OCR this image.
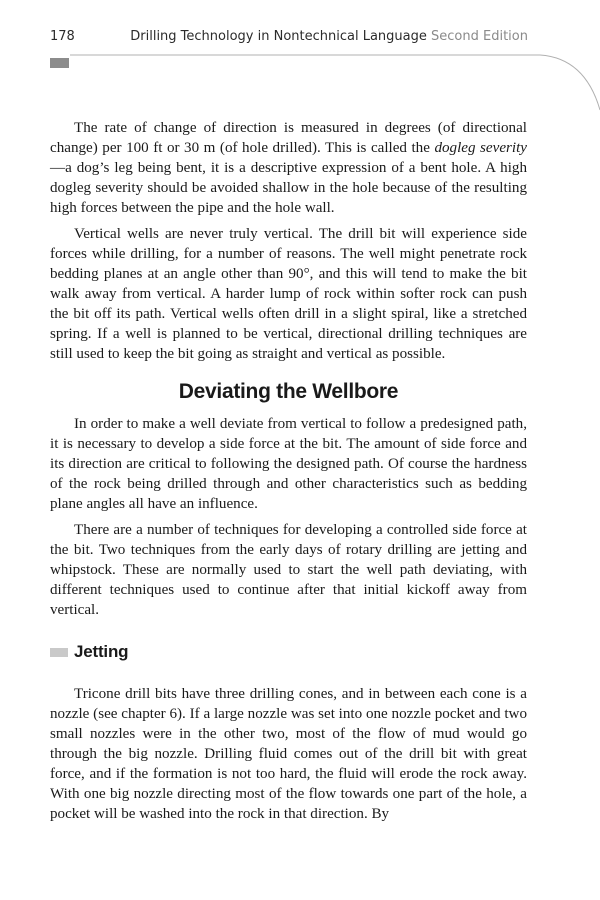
178	Drilling Technology in Nontechnical Language Second Edition

The rate of change of direction is measured in degrees (of directional change) per 100 ft or 30 m (of hole drilled). This is called the dogleg severity—a dog’s leg being bent, it is a descriptive expression of a bent hole. A high dogleg severity should be avoided shallow in the hole because of the resulting high forces between the pipe and the hole wall.

Vertical wells are never truly vertical. The drill bit will experience side forces while drilling, for a number of reasons. The well might penetrate rock bedding planes at an angle other than 90°, and this will tend to make the bit walk away from vertical. A harder lump of rock within softer rock can push the bit off its path. Vertical wells often drill in a slight spiral, like a stretched spring. If a well is planned to be vertical, directional drilling techniques are still used to keep the bit going as straight and vertical as possible.

Deviating the Wellbore

In order to make a well deviate from vertical to follow a predesigned path, it is necessary to develop a side force at the bit. The amount of side force and its direction are critical to following the designed path. Of course the hardness of the rock being drilled through and other characteristics such as bedding plane angles all have an influence.

There are a number of techniques for developing a controlled side force at the bit. Two techniques from the early days of rotary drilling are jetting and whipstock. These are normally used to start the well path deviating, with different techniques used to continue after that initial kickoff away from vertical.

Jetting

Tricone drill bits have three drilling cones, and in between each cone is a nozzle (see chapter 6). If a large nozzle was set into one nozzle pocket and two small nozzles were in the other two, most of the flow of mud would go through the big nozzle. Drilling fluid comes out of the drill bit with great force, and if the formation is not too hard, the fluid will erode the rock away. With one big nozzle directing most of the flow towards one part of the hole, a pocket will be washed into the rock in that direction. By
